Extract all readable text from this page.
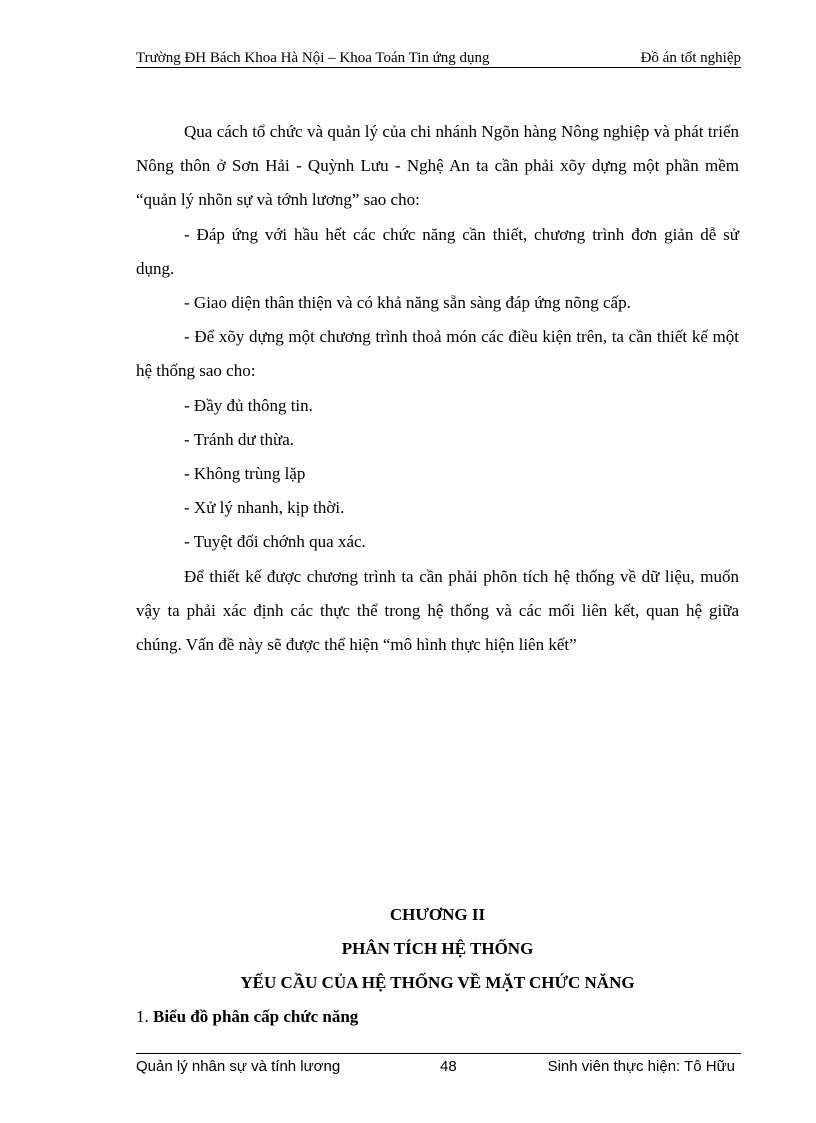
Trường ĐH Bách Khoa Hà Nội – Khoa Toán Tin ứng dụng	Đồ án tốt nghiệp

Qua cách tổ chức và quản lý của chi nhánh Ngõn hàng Nông nghiệp và phát triển Nông thôn ở Sơn Hải - Quỳnh Lưu - Nghệ An ta cần phải xõy dựng một phần mềm “quản lý nhõn sự và tớnh lương” sao cho:

- Đáp ứng với hầu hết các chức năng cần thiết, chương trình đơn giản dễ sử dụng.

- Giao diện thân thiện và có khả năng sẵn sàng đáp ứng nõng cấp.

- Để xõy dựng một chương trình thoả món các điều kiện trên, ta cần thiết kế một hệ thống sao cho:

- Đầy đủ thông tin.

- Tránh dư thừa.

- Không trùng lặp

- Xử lý nhanh, kịp thời.

- Tuyệt đối chớnh qua xác.

Để thiết kế được chương trình ta cần phải phõn tích hệ thống về dữ liệu, muốn vậy ta phải xác định các thực thể trong hệ thống và các mối liên kết, quan hệ giữa chúng. Vấn đề này sẽ được thể hiện “mô hình thực hiện liên kết”

CHƯƠNG II
PHÂN TÍCH HỆ THỐNG
YẾU CẦU CỦA HỆ THỐNG VỀ MẶT CHỨC NĂNG
1. Biểu đồ phân cấp chức năng
Quản lý nhân sự và tính lương	48	Sinh viên thực hiện: Tô Hữu
